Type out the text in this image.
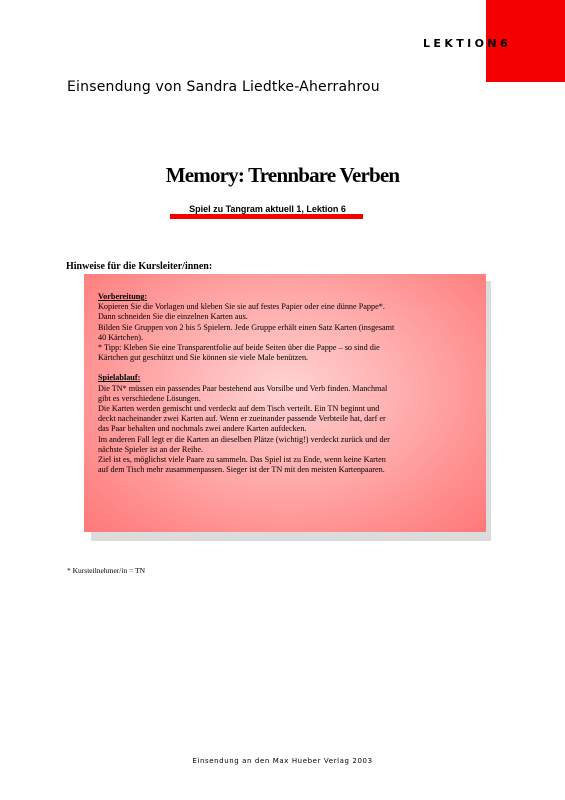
LEKTION6
Einsendung von Sandra Liedtke-Aherrahrou
Memory: Trennbare Verben
Spiel zu Tangram aktuell 1, Lektion 6
Hinweise für die Kursleiter/innen:
Vorbereitung:
Kopieren Sie die Vorlagen und kleben Sie sie auf festes Papier oder eine dünne Pappe*.
Dann schneiden Sie die einzelnen Karten aus.
Bilden Sie Gruppen von 2 bis 5 Spielern. Jede Gruppe erhält einen Satz Karten (insgesamt
40 Kärtchen).
* Tipp: Kleben Sie eine Transparentfolie auf beide Seiten über die Pappe – so sind die
Kärtchen gut geschützt und Sie können sie viele Male benützen.
Spielablauf:
Die TN* müssen ein passendes Paar bestehend aus Vorsilbe und Verb finden. Manchmal
gibt es verschiedene Lösungen.
Die Karten werden gemischt und verdeckt auf dem Tisch verteilt. Ein TN beginnt und
deckt nacheinander zwei Karten auf. Wenn er zueinander passende Verbteile hat, darf er
das Paar behalten und nochmals zwei andere Karten aufdecken.
Im anderen Fall legt er die Karten an dieselben Plätze (wichtig!) verdeckt zurück und der
nächste Spieler ist an der Reihe.
Ziel ist es, möglichst viele Paare zu sammeln. Das Spiel ist zu Ende, wenn keine Karten
auf dem Tisch mehr zusammenpassen. Sieger ist der TN mit den meisten Kartenpaaren.
* Kursteilnehmer/in = TN
Einsendung an den Max Hueber Verlag 2003
